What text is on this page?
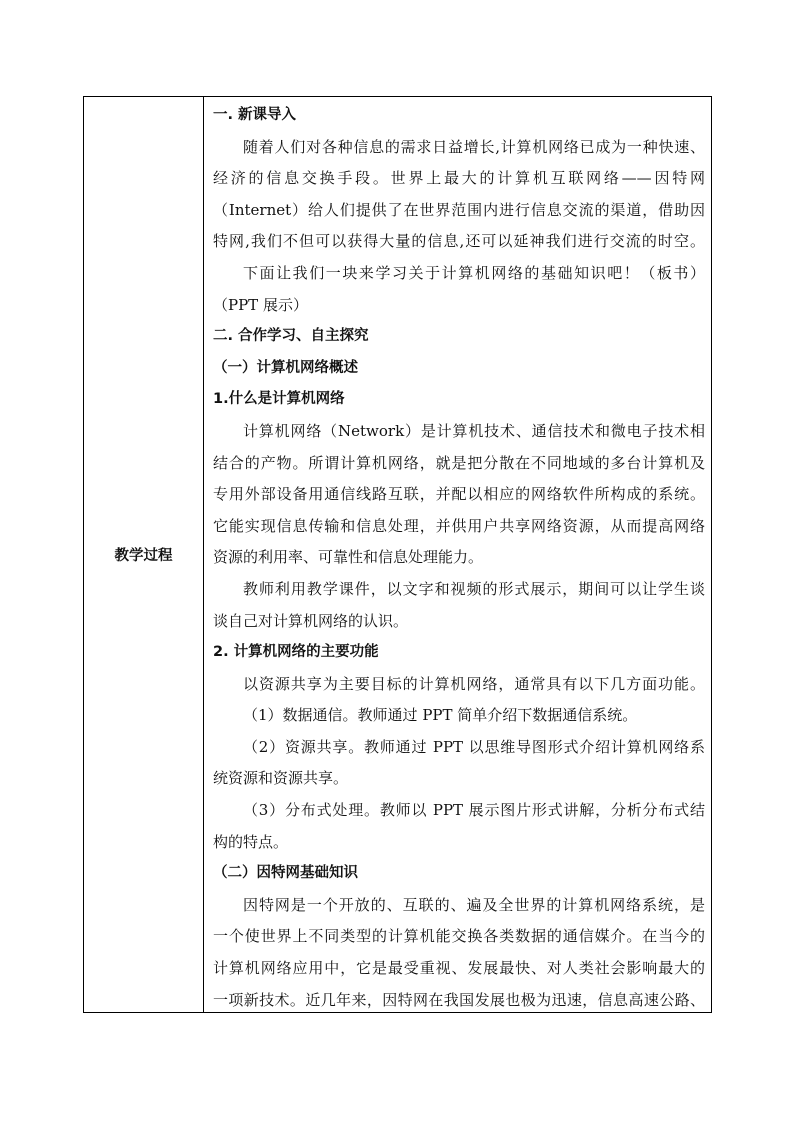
教学过程
一. 新课导入
随着人们对各种信息的需求日益增长,计算机网络已成为一种快速、
经济的信息交换手段。世界上最大的计算机互联网络——因特网
（Internet）给人们提供了在世界范围内进行信息交流的渠道，借助因
特网,我们不但可以获得大量的信息,还可以延神我们进行交流的时空。
下面让我们一块来学习关于计算机网络的基础知识吧！（板书）
（PPT 展示）
二. 合作学习、自主探究
（一）计算机网络概述
1.什么是计算机网络
计算机网络（Network）是计算机技术、通信技术和微电子技术相
结合的产物。所谓计算机网络，就是把分散在不同地域的多台计算机及
专用外部设备用通信线路互联，并配以相应的网络软件所构成的系统。
它能实现信息传输和信息处理，并供用户共享网络资源，从而提高网络
资源的利用率、可靠性和信息处理能力。
教师利用教学课件，以文字和视频的形式展示，期间可以让学生谈
谈自己对计算机网络的认识。
2. 计算机网络的主要功能
以资源共享为主要目标的计算机网络，通常具有以下几方面功能。
（1）数据通信。教师通过 PPT 简单介绍下数据通信系统。
（2）资源共享。教师通过 PPT 以思维导图形式介绍计算机网络系
统资源和资源共享。
（3）分布式处理。教师以 PPT 展示图片形式讲解，分析分布式结
构的特点。
（二）因特网基础知识
因特网是一个开放的、互联的、遍及全世界的计算机网络系统，是
一个使世界上不同类型的计算机能交换各类数据的通信媒介。在当今的
计算机网络应用中，它是最受重视、发展最快、对人类社会影响最大的
一项新技术。近几年来，因特网在我国发展也极为迅速，信息高速公路、
